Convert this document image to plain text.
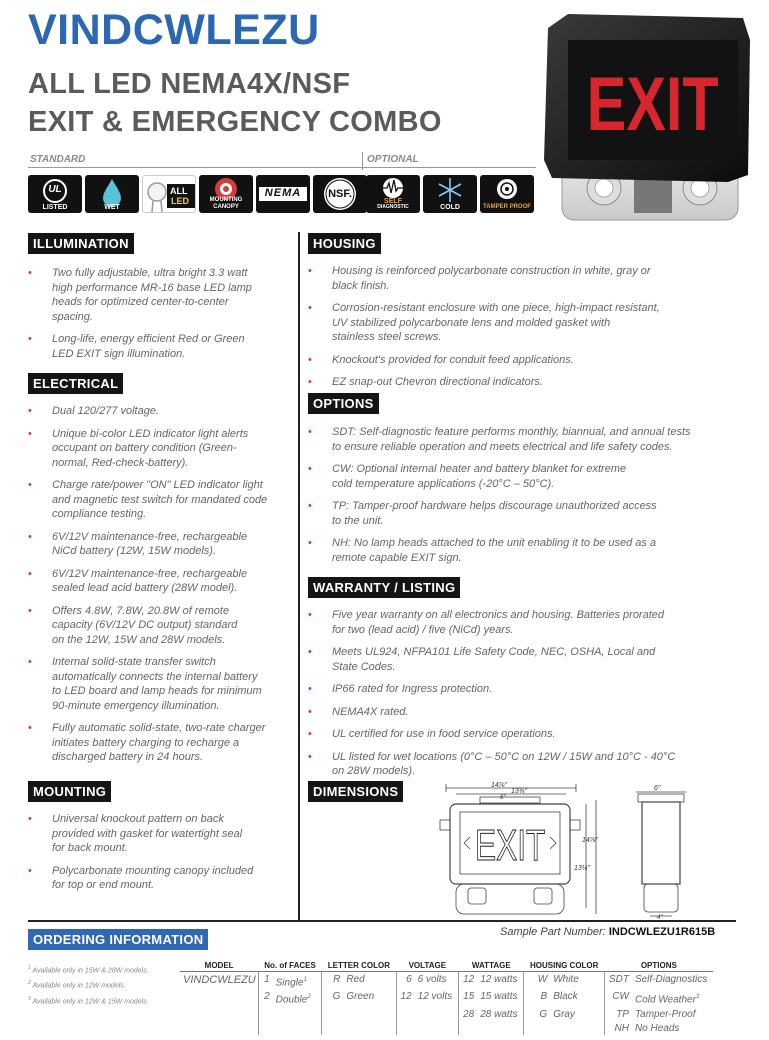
VINDCWLEZU
ALL LED NEMA4X/NSF
EXIT & EMERGENCY COMBO
STANDARD	OPTIONAL
UL
LISTED	WET
ALL
LED	MOUNTING CANOPY
NEMA	NSF.
SELF
DIAGNOSTIC	COLD	TAMPER PROOF
EXIT
ILLUMINATION
• Two fully adjustable, ultra bright 3.3 watt
high performance MR-16 base LED lamp
heads for optimized center-to-center
spacing.
• Long-life, energy efficient Red or Green
LED EXIT sign illumination.
ELECTRICAL
• Dual 120/277 voltage.
• Unique bi-color LED indicator light alerts
occupant on battery condition (Green-
normal, Red-check-battery).
• Charge rate/power "ON" LED indicator light
and magnetic test switch for mandated code
compliance testing.
• 6V/12V maintenance-free, rechargeable
NiCd battery (12W, 15W models).
• 6V/12V maintenance-free, rechargeable
sealed lead acid battery (28W model).
• Offers 4.8W, 7.8W, 20.8W of remote
capacity (6V/12V DC output) standard
on the 12W, 15W and 28W models.
• Internal solid-state transfer switch
automatically connects the internal battery
to LED board and lamp heads for minimum
90-minute emergency illumination.
• Fully automatic solid-state, two-rate charger
initiates battery charging to recharge a
discharged battery in 24 hours.
MOUNTING
• Universal knockout pattern on back
provided with gasket for watertight seal
for back mount.
• Polycarbonate mounting canopy included
for top or end mount.
HOUSING
• Housing is reinforced polycarbonate construction in white, gray or
black finish.
• Corrosion-resistant enclosure with one piece, high-impact resistant,
UV stabilized polycarbonate lens and molded gasket with
stainless steel screws.
• Knockout's provided for conduit feed applications.
• EZ snap-out Chevron directional indicators.
OPTIONS
• SDT: Self-diagnostic feature performs monthly, biannual, and annual tests
to ensure reliable operation and meets electrical and life safety codes.
• CW: Optional internal heater and battery blanket for extreme
cold temperature applications (-20°C – 50°C).
• TP: Tamper-proof hardware helps discourage unauthorized access
to the unit.
• NH: No lamp heads attached to the unit enabling it to be used as a
remote capable EXIT sign.
WARRANTY / LISTING
• Five year warranty on all electronics and housing. Batteries prorated
for two (lead acid) / five (NiCd) years.
• Meets UL924, NFPA101 Life Safety Code, NEC, OSHA, Local and
State Codes.
• IP66 rated for Ingress protection.
• NEMA4X rated.
• UL certified for use in food service operations.
• UL listed for wet locations (0°C – 50°C on 12W / 15W and 10°C - 40°C
on 28W models).
DIMENSIONS	14⅞"
13¾"
6"
EXIT	14⅞"
13¼"
6"
4"
ORDERING INFORMATION	Sample Part Number: INDCWLEZU1R615B
$^1$ Available only in 15W & 28W models.
$^2$ Available only in 12W models.
$^3$ Available only in 12W & 15W models.
MODEL	No. of FACES		LETTER COLOR		VOLTAGE		WATTAGE		HOUSING COLOR		OPTIONS	
VINDCWLEZU	1	Single$^1$	R	Red	6	6 volts	12	12 watts	W	White	SDT	Self-Diagnostics
	2	Double$^2$	G	Green	12	12 volts	15	15 watts	B	Black	CW	Cold Weather$^3$
							28	28 watts	G	Gray	TP	Tamper-Proof
											NH	No Heads
